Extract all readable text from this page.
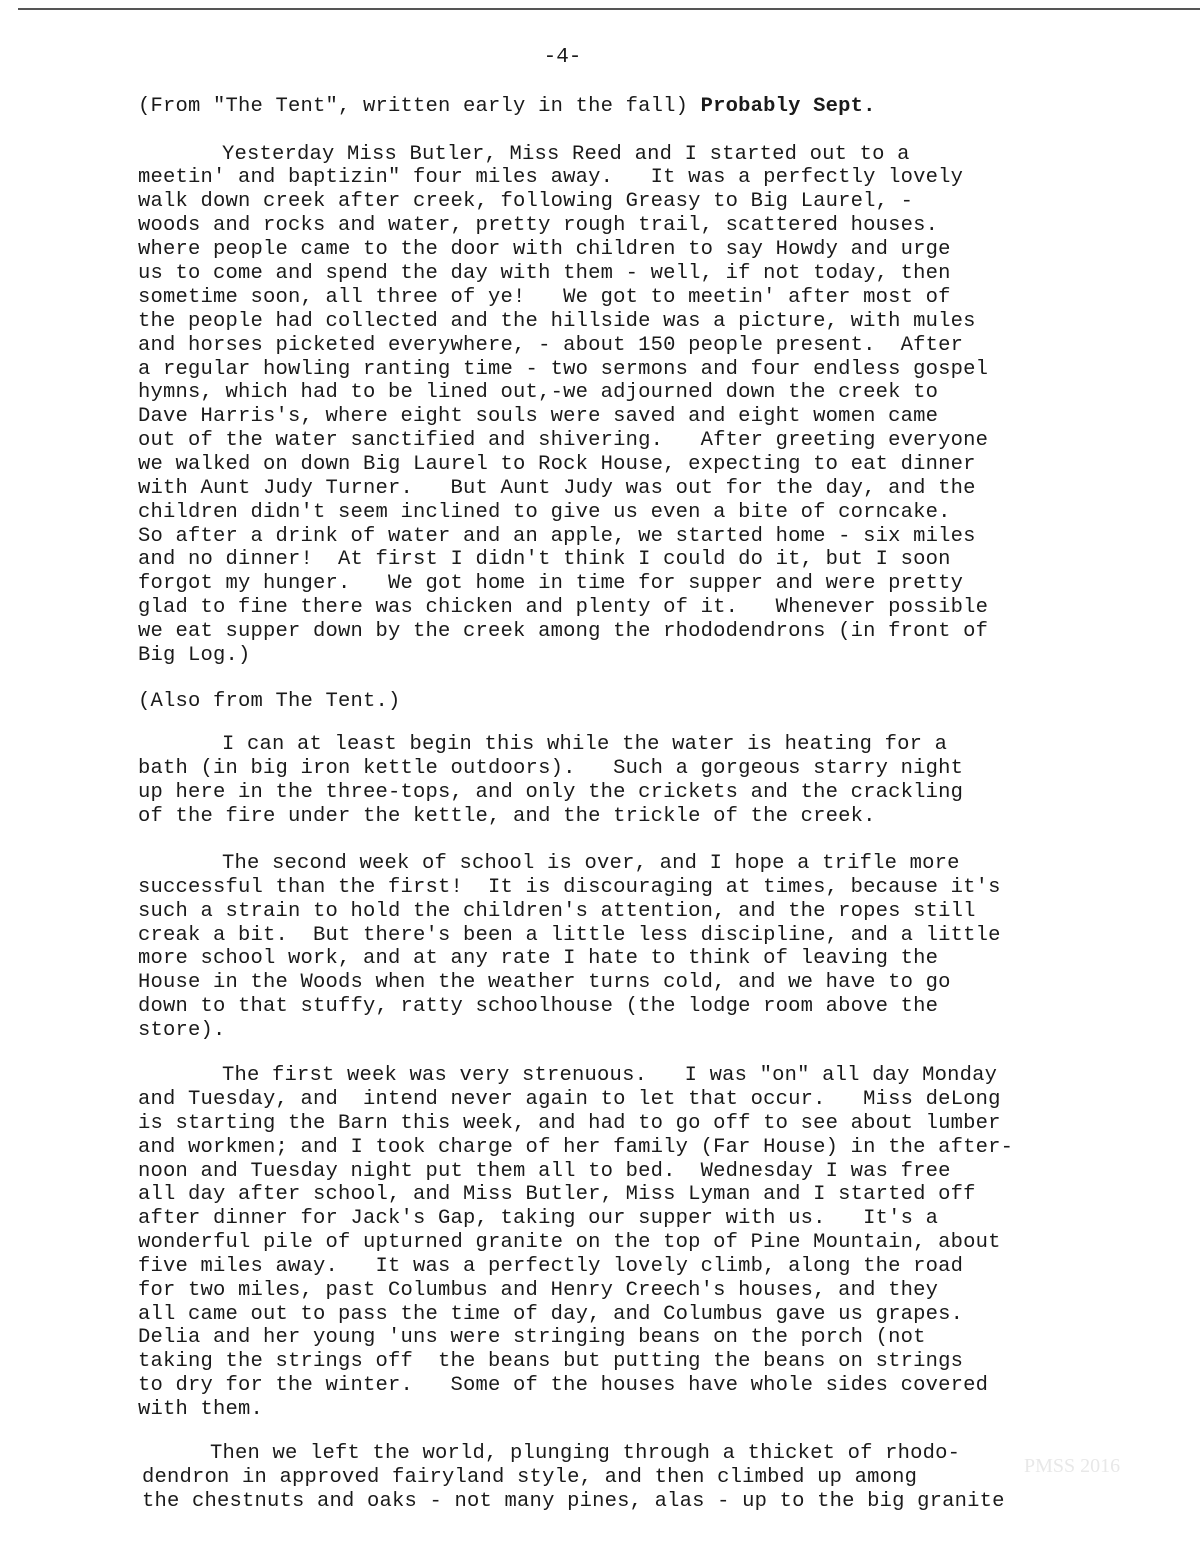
-4-
(From "The Tent", written early in the fall) Probably Sept.
Yesterday Miss Butler, Miss Reed and I started out to a
meetin' and baptizin" four miles away.   It was a perfectly lovely
walk down creek after creek, following Greasy to Big Laurel, -
woods and rocks and water, pretty rough trail, scattered houses.
where people came to the door with children to say Howdy and urge
us to come and spend the day with them - well, if not today, then
sometime soon, all three of ye!   We got to meetin' after most of
the people had collected and the hillside was a picture, with mules
and horses picketed everywhere, - about 150 people present.  After
a regular howling ranting time - two sermons and four endless gospel
hymns, which had to be lined out,-we adjourned down the creek to
Dave Harris's, where eight souls were saved and eight women came
out of the water sanctified and shivering.   After greeting everyone
we walked on down Big Laurel to Rock House, expecting to eat dinner
with Aunt Judy Turner.   But Aunt Judy was out for the day, and the
children didn't seem inclined to give us even a bite of corncake.
So after a drink of water and an apple, we started home - six miles
and no dinner!  At first I didn't think I could do it, but I soon
forgot my hunger.   We got home in time for supper and were pretty
glad to fine there was chicken and plenty of it.   Whenever possible
we eat supper down by the creek among the rhododendrons (in front of
Big Log.)
(Also from The Tent.)
I can at least begin this while the water is heating for a
bath (in big iron kettle outdoors).   Such a gorgeous starry night
up here in the three-tops, and only the crickets and the crackling
of the fire under the kettle, and the trickle of the creek.
The second week of school is over, and I hope a trifle more
successful than the first!  It is discouraging at times, because it's
such a strain to hold the children's attention, and the ropes still
creak a bit.  But there's been a little less discipline, and a little
more school work, and at any rate I hate to think of leaving the
House in the Woods when the weather turns cold, and we have to go
down to that stuffy, ratty schoolhouse (the lodge room above the
store).
The first week was very strenuous.   I was "on" all day Monday
and Tuesday, and  intend never again to let that occur.   Miss deLong
is starting the Barn this week, and had to go off to see about lumber
and workmen; and I took charge of her family (Far House) in the after-
noon and Tuesday night put them all to bed.  Wednesday I was free
all day after school, and Miss Butler, Miss Lyman and I started off
after dinner for Jack's Gap, taking our supper with us.   It's a
wonderful pile of upturned granite on the top of Pine Mountain, about
five miles away.   It was a perfectly lovely climb, along the road
for two miles, past Columbus and Henry Creech's houses, and they
all came out to pass the time of day, and Columbus gave us grapes.
Delia and her young 'uns were stringing beans on the porch (not
taking the strings off  the beans but putting the beans on strings
to dry for the winter.   Some of the houses have whole sides covered
with them.
Then we left the world, plunging through a thicket of rhodo-
dendron in approved fairyland style, and then climbed up among
the chestnuts and oaks - not many pines, alas - up to the big granite
PMSS 2016
